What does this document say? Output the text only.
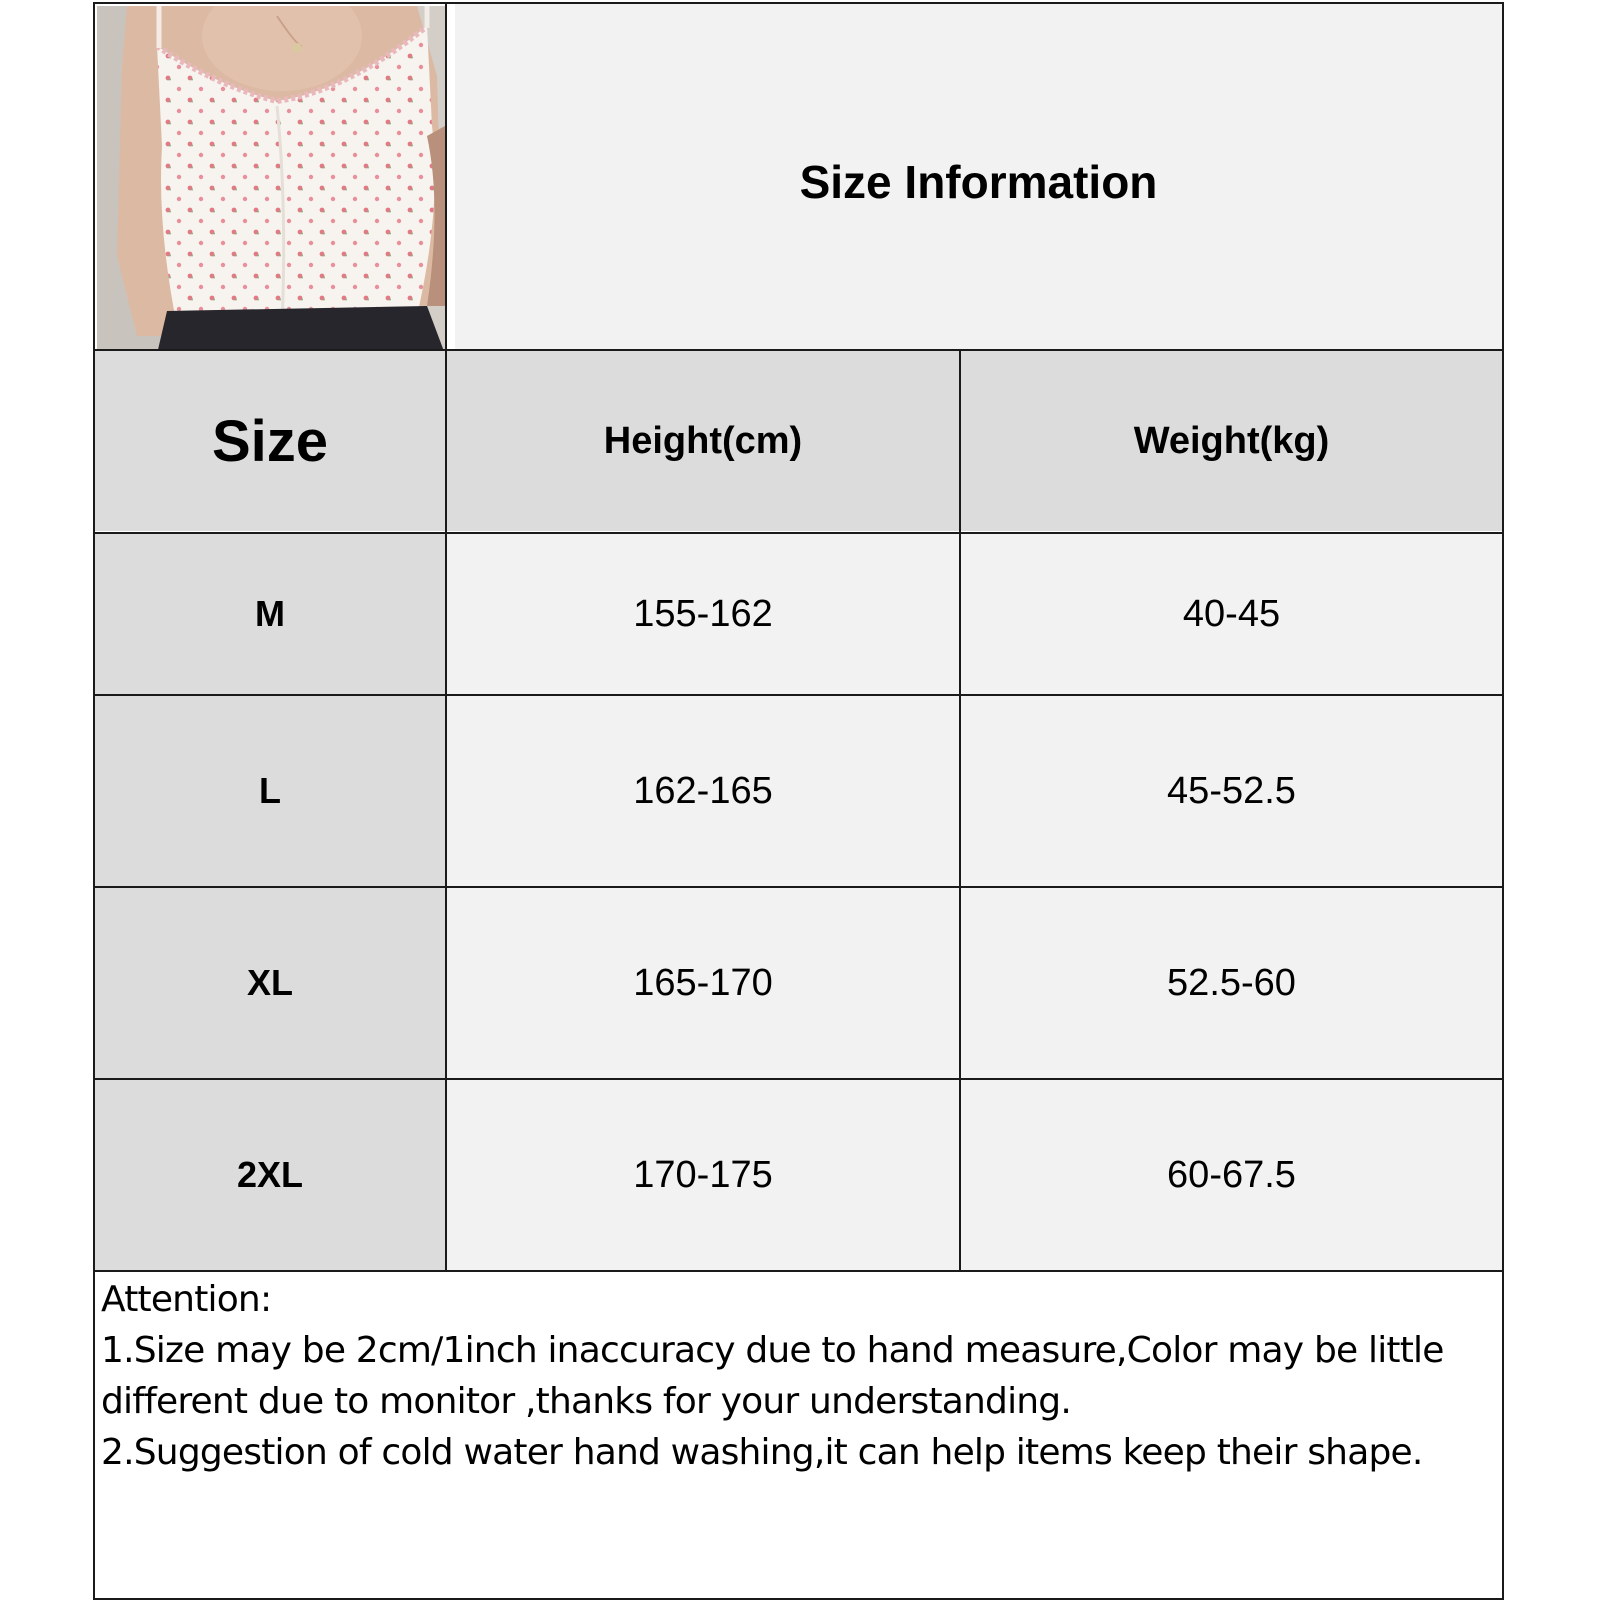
Size Information
Size	Height(cm)	Weight(kg)
M	155-162	40-45
L	162-165	45-52.5
XL	165-170	52.5-60
2XL	170-175	60-67.5
Attention:
1.Size may be 2cm/1inch inaccuracy due to hand measure,Color may be little
different due to monitor ,thanks for your understanding.
2.Suggestion of cold water hand washing,it can help items keep their shape.
